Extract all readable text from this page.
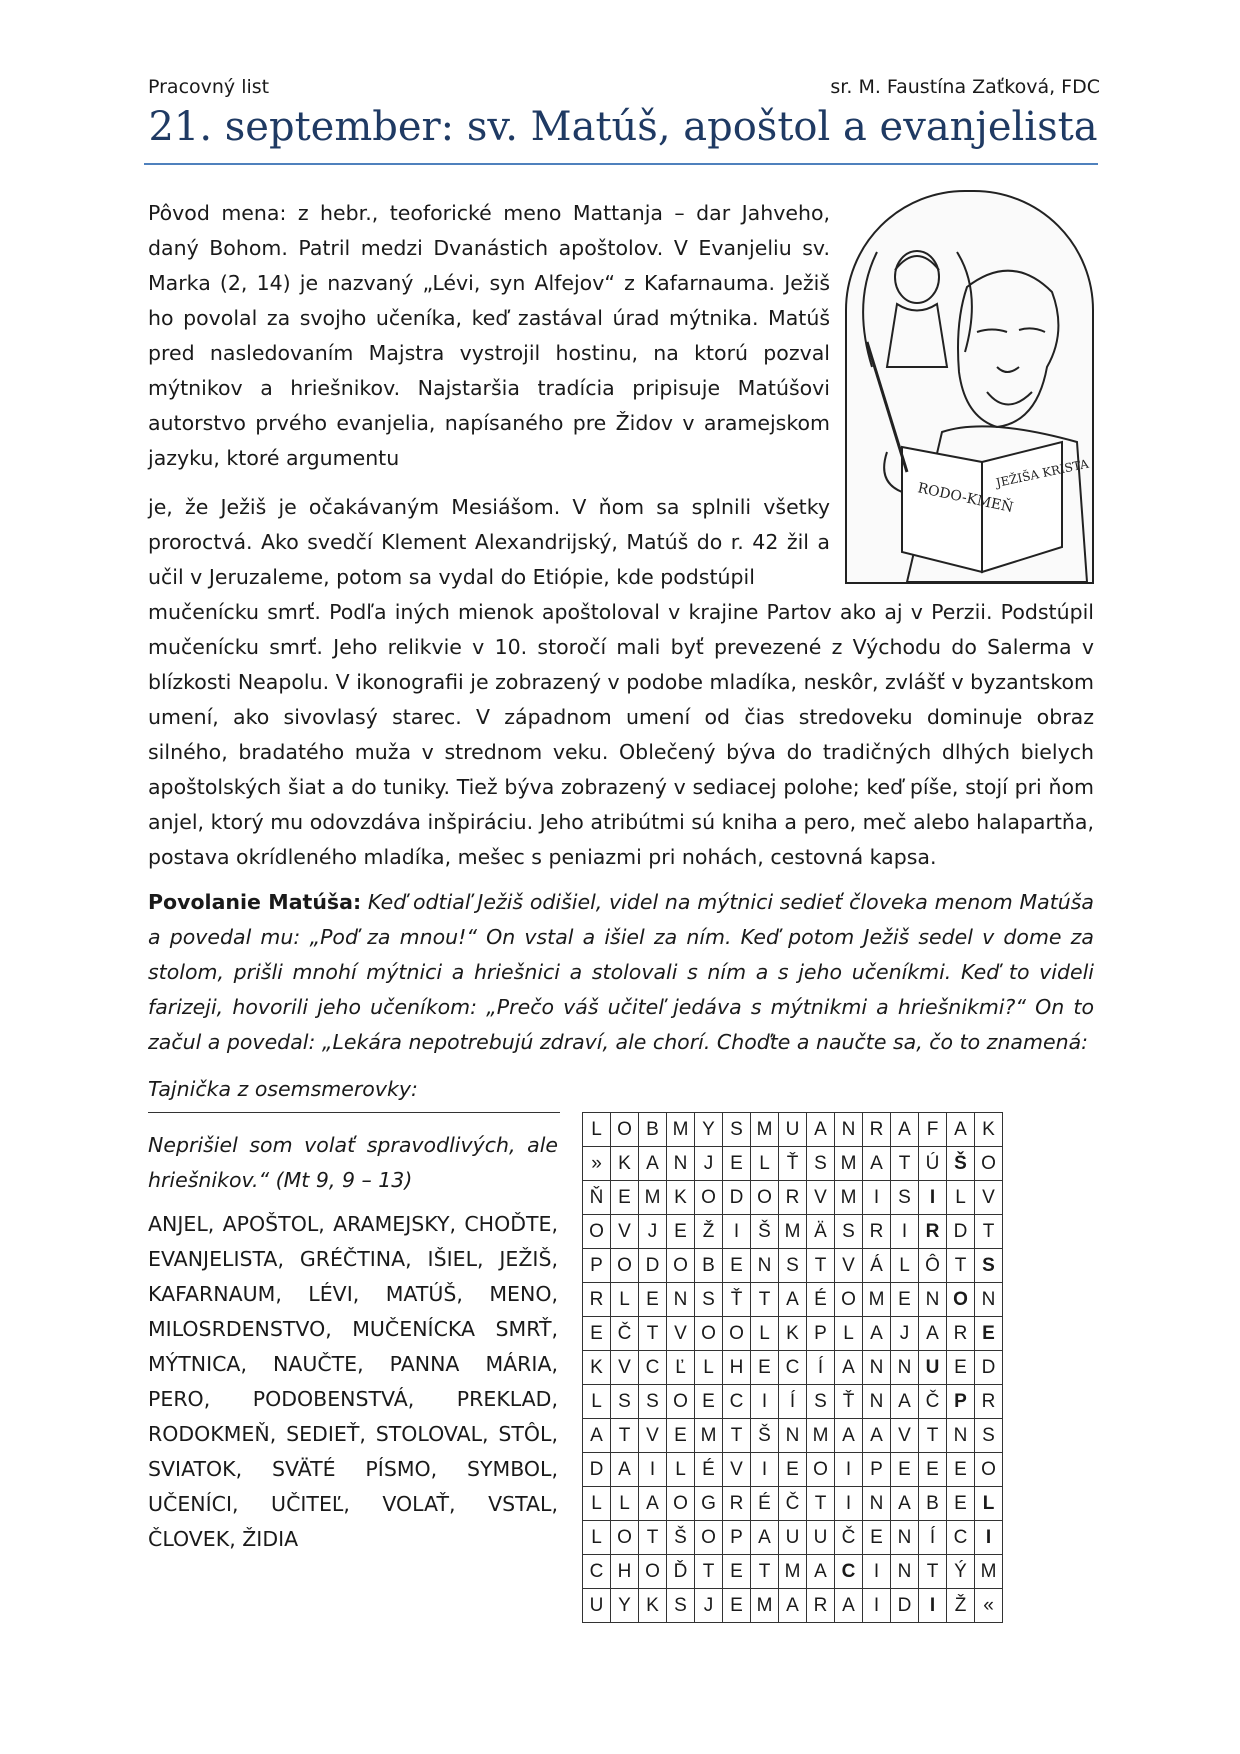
Pracovný list	sr. M. Faustína Zaťková, FDC
21. september: sv. Matúš, apoštol a evanjelista

Pôvod mena: z hebr., teoforické meno Mattanja – dar Jahveho, daný Bohom. Patril medzi Dvanástich apoštolov. V Evanjeliu sv. Marka (2, 14) je nazvaný „Lévi, syn Alfejov“ z Kafarnauma. Ježiš ho povolal za svojho učeníka, keď zastával úrad mýtnika. Matúš pred nasledovaním Majstra vystrojil hostinu, na ktorú pozval mýtnikov a hriešnikov. Najstaršia tradícia pripisuje Matúšovi autorstvo prvého evanjelia, napísaného pre Židov v aramejskom jazyku, ktoré argumentu

RODO-KMEŇ
JEŽIŠA KRISTA

je, že Ježiš je očakávaným Mesiášom. V ňom sa splnili všetky proroctvá. Ako svedčí Klement Alexandrijský, Matúš do r. 42 žil a učil v Jeruzaleme, potom sa vydal do Etiópie, kde podstúpil

mučenícku smrť. Podľa iných mienok apoštoloval v krajine Partov ako aj v Perzii. Podstúpil mučenícku smrť. Jeho relikvie v 10. storočí mali byť prevezené z Východu do Salerma v blízkosti Neapolu. V ikonografii je zobrazený v podobe mladíka, neskôr, zvlášť v byzantskom umení, ako sivovlasý starec. V západnom umení od čias stredoveku dominuje obraz silného, bradatého muža v strednom veku. Oblečený býva do tradičných dlhých bielych apoštolských šiat a do tuniky. Tiež býva zobrazený v sediacej polohe; keď píše, stojí pri ňom anjel, ktorý mu odovzdáva inšpiráciu. Jeho atribútmi sú kniha a pero, meč alebo halapartňa, postava okrídleného mladíka, mešec s peniazmi pri nohách, cestovná kapsa.

Povolanie Matúša: Keď odtiaľ Ježiš odišiel, videl na mýtnici sedieť človeka menom Matúša a povedal mu: „Poď za mnou!“ On vstal a išiel za ním. Keď potom Ježiš sedel v dome za stolom, prišli mnohí mýtnici a hriešnici a stolovali s ním a s jeho učeníkmi. Keď to videli farizeji, hovorili jeho učeníkom: „Prečo váš učiteľ jedáva s mýtnikmi a hriešnikmi?“ On to začul a povedal: „Lekára nepotrebujú zdraví, ale chorí. Choďte a naučte sa, čo to znamená:

Tajnička z osemsmerovky:

Neprišiel som volať spravodlivých, ale hriešnikov.“ (Mt 9, 9 – 13)

ANJEL, APOŠTOL, ARAMEJSKY, CHOĎTE, EVANJELISTA, GRÉČTINA, IŠIEL, JEŽIŠ, KAFARNAUM, LÉVI, MATÚŠ, MENO, MILOSRDENSTVO, MUČENÍCKA SMRŤ, MÝTNICA, NAUČTE, PANNA MÁRIA, PERO, PODOBENSTVÁ, PREKLAD, RODOKMEŇ, SEDIEŤ, STOLOVAL, STÔL, SVIATOK, SVÄTÉ PÍSMO, SYMBOL, UČENÍCI, UČITEĽ, VOLAŤ, VSTAL, ČLOVEK, ŽIDIA

L	O	B	M	Y	S	M	U	A	N	R	A	F	A	K
»	K	A	N	J	E	L	Ť	S	M	A	T	Ú	Š	O
Ň	E	M	K	O	D	O	R	V	M	I	S	I	L	V
O	V	J	E	Ž	I	Š	M	Ä	S	R	I	R	D	T
P	O	D	O	B	E	N	S	T	V	Á	L	Ô	T	S
R	L	E	N	S	Ť	T	A	É	O	M	E	N	O	N
E	Č	T	V	O	O	L	K	P	L	A	J	A	R	E
K	V	C	Ľ	L	H	E	C	Í	A	N	N	U	E	D
L	S	S	O	E	C	I	Í	S	Ť	N	A	Č	P	R
A	T	V	E	M	T	Š	N	M	A	A	V	T	N	S
D	A	I	L	É	V	I	E	O	I	P	E	E	E	O
L	L	A	O	G	R	É	Č	T	I	N	A	B	E	L
L	O	T	Š	O	P	A	U	U	Č	E	N	Í	C	I
C	H	O	Ď	T	E	T	M	A	C	I	N	T	Ý	M
U	Y	K	S	J	E	M	A	R	A	I	D	I	Ž	«
